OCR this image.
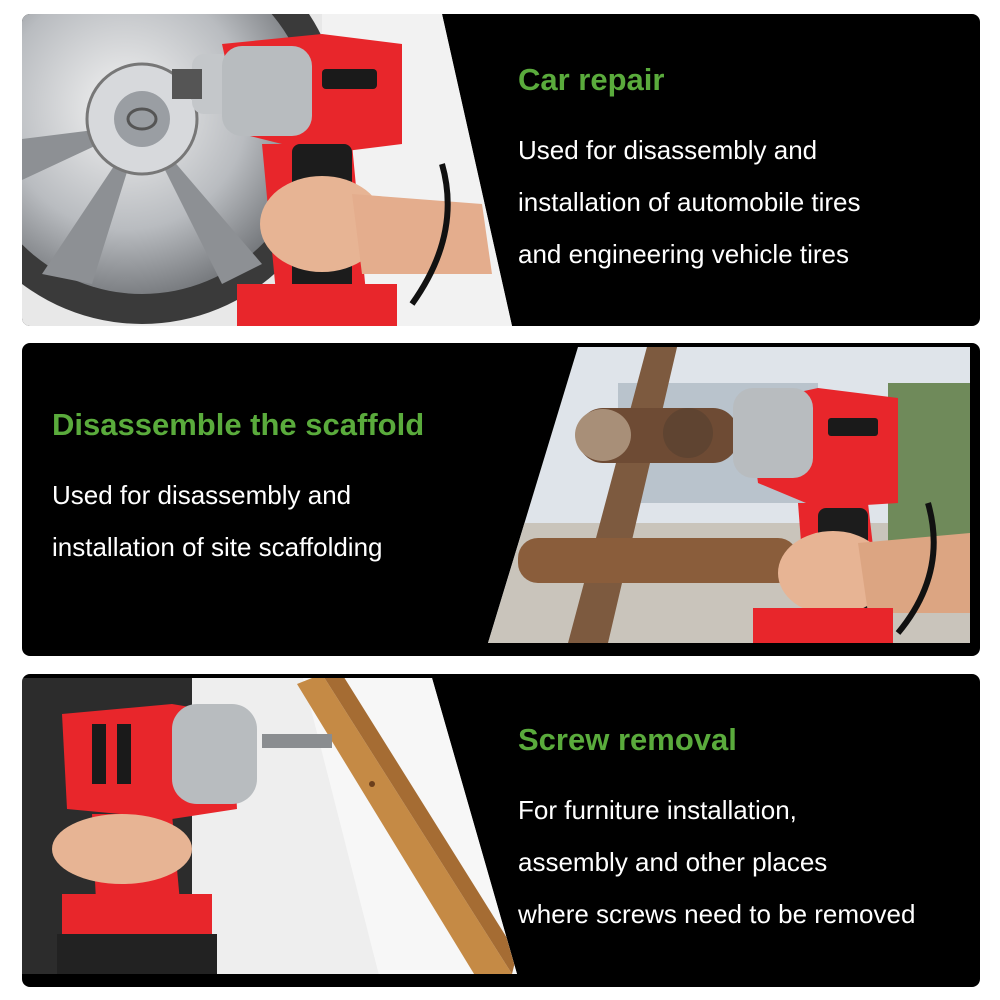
Car repair

Used for disassembly and

installation of automobile tires

and engineering vehicle tires

Disassemble the scaffold

Used for disassembly and

installation of site scaffolding

Screw removal

For furniture installation,

assembly and other places

where screws need to be removed
